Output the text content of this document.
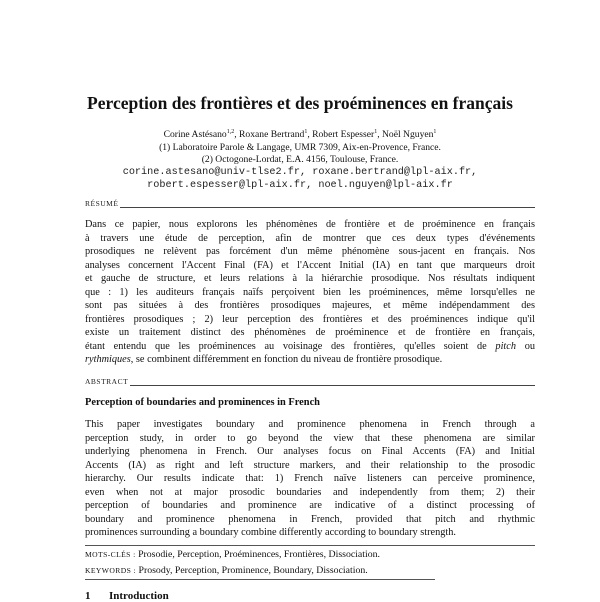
Perception des frontières et des proéminences en français
Corine Astésano$^{1,2}$, Roxane Bertrand$^1$, Robert Espesser$^1$, Noël Nguyen$^1$
(1) Laboratoire Parole & Langage, UMR 7309, Aix-en-Provence, France.
(2) Octogone-Lordat, E.A. 4156, Toulouse, France.
corine.astesano@univ-tlse2.fr, roxane.bertrand@lpl-aix.fr,
robert.espesser@lpl-aix.fr, noel.nguyen@lpl-aix.fr
RÉSUMÉ
Dans ce papier, nous explorons les phénomènes de frontière et de proéminence en français
à travers une étude de perception, afin de montrer que ces deux types d'événements
prosodiques ne relèvent pas forcément d'un même phénomène sous-jacent en français. Nos
analyses concernent l'Accent Final (FA) et l'Accent Initial (IA) en tant que marqueurs droit
et gauche de structure, et leurs relations à la hiérarchie prosodique. Nos résultats indiquent
que : 1) les auditeurs français naïfs perçoivent bien les proéminences, même lorsqu'elles ne
sont pas situées à des frontières prosodiques majeures, et même indépendamment des
frontières prosodiques ; 2) leur perception des frontières et des proéminences indique qu'il
existe un traitement distinct des phénomènes de proéminence et de frontière en français,
étant entendu que les proéminences au voisinage des frontières, qu'elles soient de pitch ou
rythmiques, se combinent différemment en fonction du niveau de frontière prosodique.
ABSTRACT
Perception of boundaries and prominences in French
This paper investigates boundary and prominence phenomena in French through a
perception study, in order to go beyond the view that these phenomena are similar
underlying phenomena in French. Our analyses focus on Final Accents (FA) and Initial
Accents (IA) as right and left structure markers, and their relationship to the prosodic
hierarchy. Our results indicate that: 1) French naïve listeners can perceive prominence,
even when not at major prosodic boundaries and independently from them; 2) their
perception of boundaries and prominence are indicative of a distinct processing of
boundary and prominence phenomena in French, provided that pitch and rhythmic
prominences surrounding a boundary combine differently according to boundary strength.
MOTS-CLÉS : Prosodie, Perception, Proéminences, Frontières, Dissociation.
KEYWORDS : Prosody, Perception, Prominence, Boundary, Dissociation.
1 Introduction
